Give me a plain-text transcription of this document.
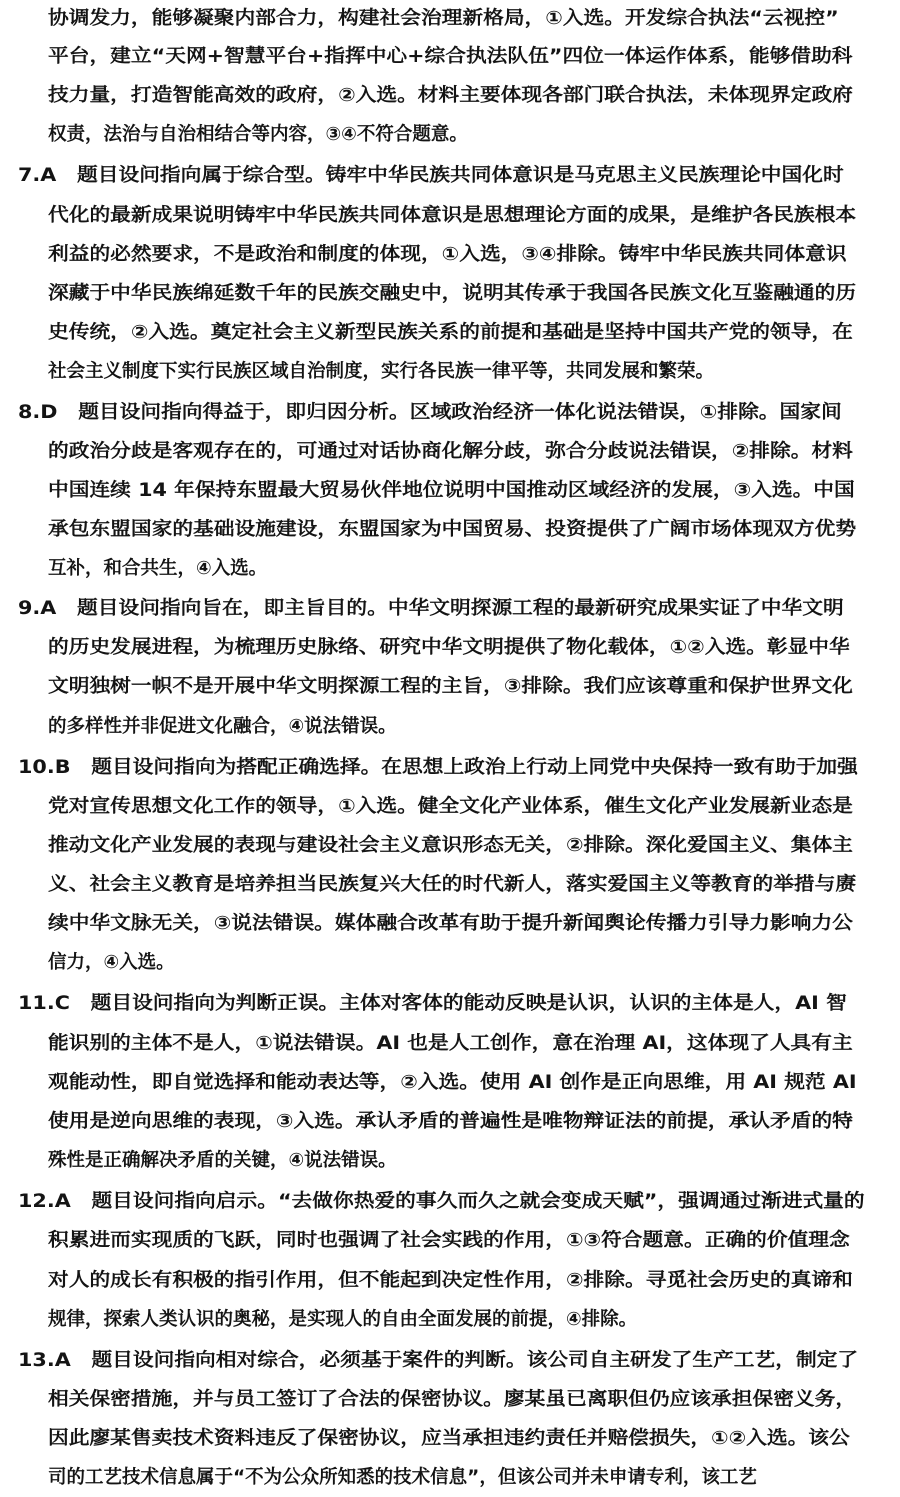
协调发力，能够凝聚内部合力，构建社会治理新格局，①入选。开发综合执法“云视控”
平台，建立“天网+智慧平台+指挥中心+综合执法队伍”四位一体运作体系，能够借助科
技力量，打造智能高效的政府，②入选。材料主要体现各部门联合执法，未体现界定政府
权责，法治与自治相结合等内容，③④不符合题意。
7.A　题目设问指向属于综合型。铸牢中华民族共同体意识是马克思主义民族理论中国化时
代化的最新成果说明铸牢中华民族共同体意识是思想理论方面的成果，是维护各民族根本
利益的必然要求，不是政治和制度的体现，①入选，③④排除。铸牢中华民族共同体意识
深藏于中华民族绵延数千年的民族交融史中，说明其传承于我国各民族文化互鉴融通的历
史传统，②入选。奠定社会主义新型民族关系的前提和基础是坚持中国共产党的领导，在
社会主义制度下实行民族区域自治制度，实行各民族一律平等，共同发展和繁荣。
8.D　题目设问指向得益于，即归因分析。区域政治经济一体化说法错误，①排除。国家间
的政治分歧是客观存在的，可通过对话协商化解分歧，弥合分歧说法错误，②排除。材料
中国连续 14 年保持东盟最大贸易伙伴地位说明中国推动区域经济的发展，③入选。中国
承包东盟国家的基础设施建设，东盟国家为中国贸易、投资提供了广阔市场体现双方优势
互补，和合共生，④入选。
9.A　题目设问指向旨在，即主旨目的。中华文明探源工程的最新研究成果实证了中华文明
的历史发展进程，为梳理历史脉络、研究中华文明提供了物化载体，①②入选。彰显中华
文明独树一帜不是开展中华文明探源工程的主旨，③排除。我们应该尊重和保护世界文化
的多样性并非促进文化融合，④说法错误。
10.B　题目设问指向为搭配正确选择。在思想上政治上行动上同党中央保持一致有助于加强
党对宣传思想文化工作的领导，①入选。健全文化产业体系，催生文化产业发展新业态是
推动文化产业发展的表现与建设社会主义意识形态无关，②排除。深化爱国主义、集体主
义、社会主义教育是培养担当民族复兴大任的时代新人，落实爱国主义等教育的举措与赓
续中华文脉无关，③说法错误。媒体融合改革有助于提升新闻舆论传播力引导力影响力公
信力，④入选。
11.C　题目设问指向为判断正误。主体对客体的能动反映是认识，认识的主体是人，AI 智
能识别的主体不是人，①说法错误。AI 也是人工创作，意在治理 AI，这体现了人具有主
观能动性，即自觉选择和能动表达等，②入选。使用 AI 创作是正向思维，用 AI 规范 AI
使用是逆向思维的表现，③入选。承认矛盾的普遍性是唯物辩证法的前提，承认矛盾的特
殊性是正确解决矛盾的关键，④说法错误。
12.A　题目设问指向启示。“去做你热爱的事久而久之就会变成天赋”，强调通过渐进式量的
积累进而实现质的飞跃，同时也强调了社会实践的作用，①③符合题意。正确的价值理念
对人的成长有积极的指引作用，但不能起到决定性作用，②排除。寻觅社会历史的真谛和
规律，探索人类认识的奥秘，是实现人的自由全面发展的前提，④排除。
13.A　题目设问指向相对综合，必须基于案件的判断。该公司自主研发了生产工艺，制定了
相关保密措施，并与员工签订了合法的保密协议。廖某虽已离职但仍应该承担保密义务，
因此廖某售卖技术资料违反了保密协议，应当承担违约责任并赔偿损失，①②入选。该公
司的工艺技术信息属于“不为公众所知悉的技术信息”，但该公司并未申请专利，该工艺
